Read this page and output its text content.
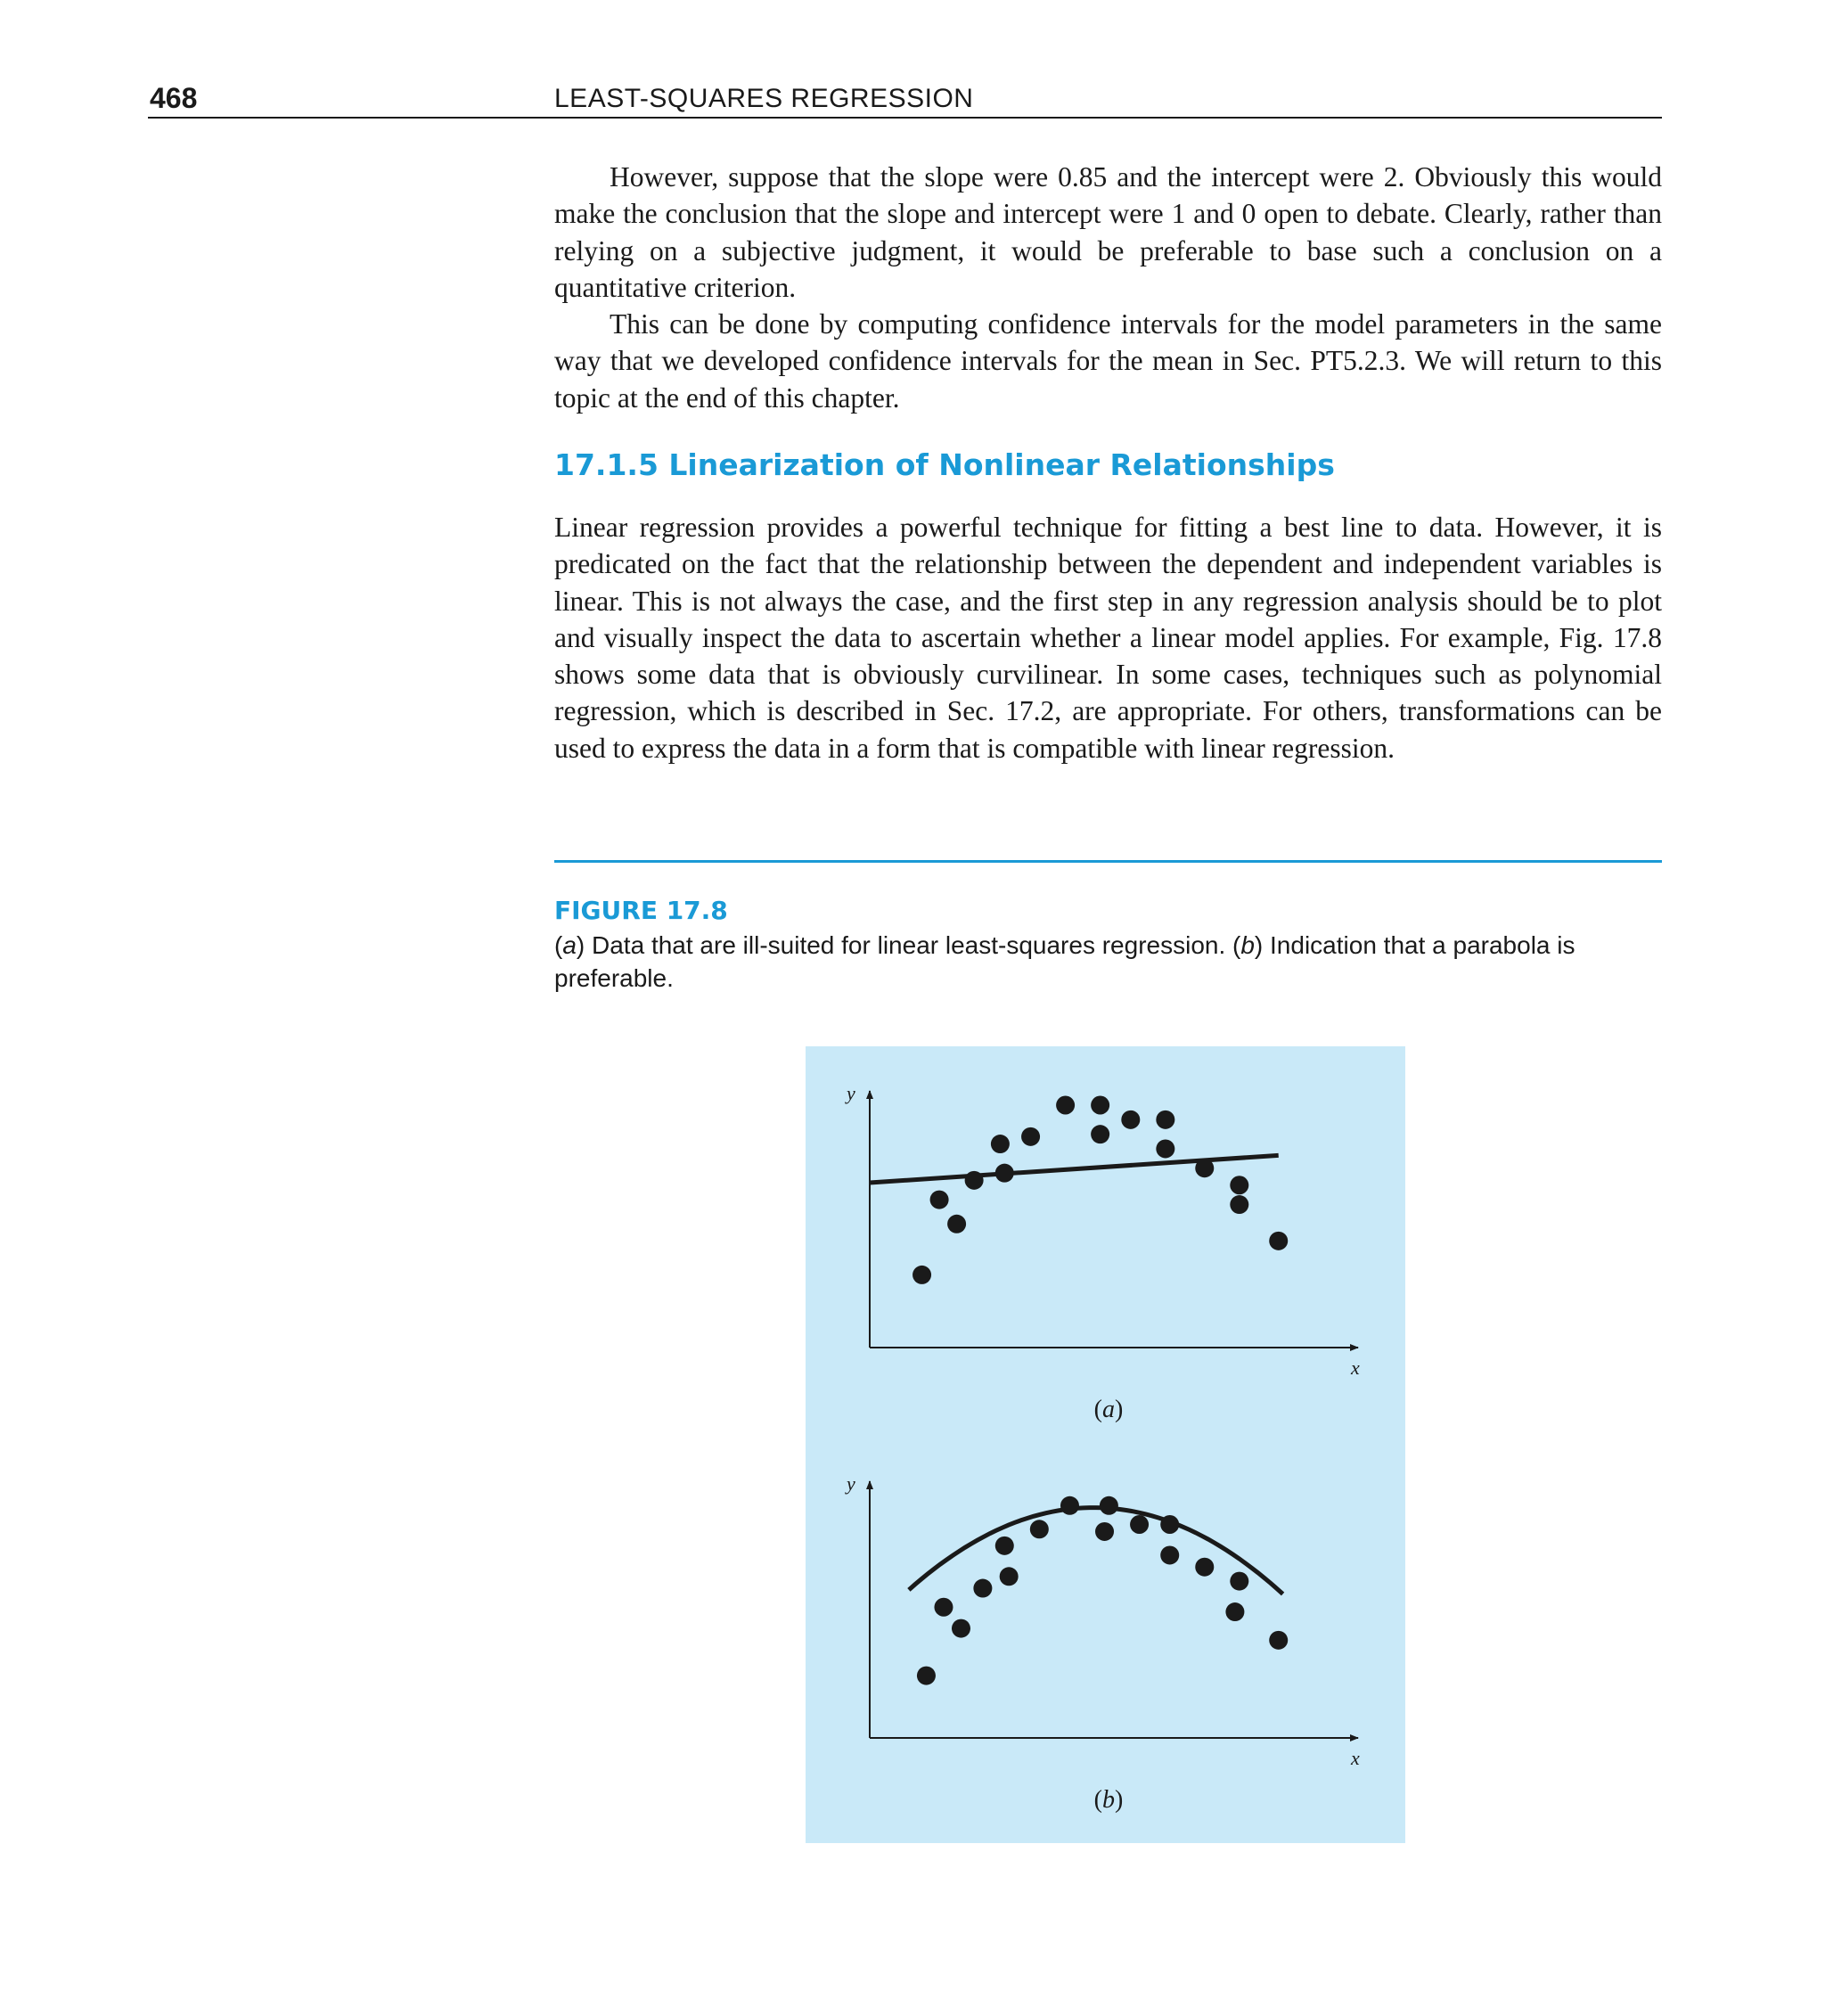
468	LEAST-SQUARES REGRESSION

However, suppose that the slope were 0.85 and the intercept were 2. Obviously this would make the conclusion that the slope and intercept were 1 and 0 open to debate. Clearly, rather than relying on a subjective judgment, it would be preferable to base such a conclusion on a quantitative criterion.

This can be done by computing confidence intervals for the model parameters in the same way that we developed confidence intervals for the mean in Sec. PT5.2.3. We will return to this topic at the end of this chapter.

17.1.5 Linearization of Nonlinear Relationships

Linear regression provides a powerful technique for fitting a best line to data. However, it is predicated on the fact that the relationship between the dependent and independent variables is linear. This is not always the case, and the first step in any regression analysis should be to plot and visually inspect the data to ascertain whether a linear model applies. For example, Fig. 17.8 shows some data that is obviously curvilinear. In some cases, techniques such as polynomial regression, which is described in Sec. 17.2, are appropriate. For others, transformations can be used to express the data in a form that is compatible with linear regression.

FIGURE 17.8
(a) Data that are ill-suited for linear least-squares regression. (b) Indication that a parabola is preferable.
y
x
(a)
y
x
(b)
